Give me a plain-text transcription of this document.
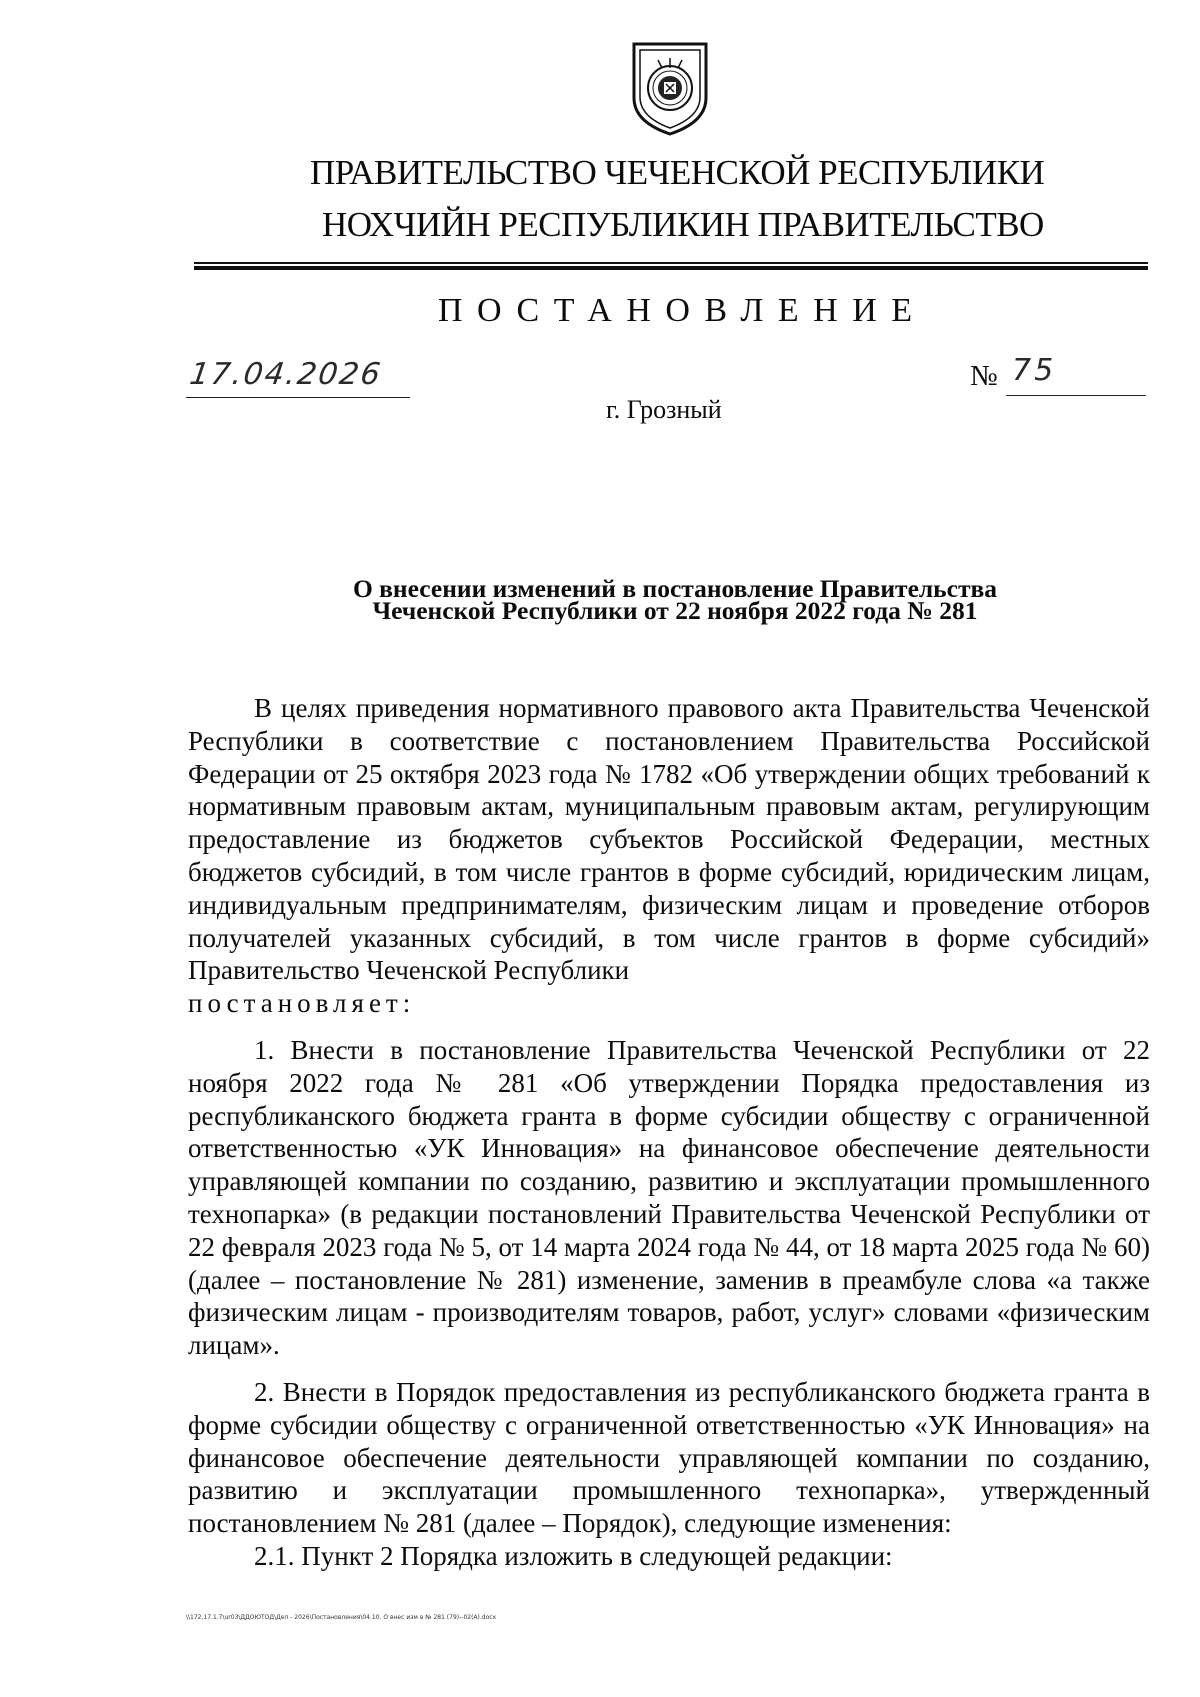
ПРАВИТЕЛЬСТВО ЧЕЧЕНСКОЙ РЕСПУБЛИКИ
НОХЧИЙН РЕСПУБЛИКИН ПРАВИТЕЛЬСТВО
ПОСТАНОВЛЕНИЕ
17.04.2026	№ 75
г. Грозный
О внесении изменений в постановление Правительства
Чеченской Республики от 22 ноября 2022 года № 281

В целях приведения нормативного правового акта Правительства Чеченской Республики в соответствие с постановлением Правительства Российской Федерации от 25 октября 2023 года № 1782 «Об утверждении общих требований к нормативным правовым актам, муниципальным правовым актам, регулирующим предоставление из бюджетов субъектов Российской Федерации, местных бюджетов субсидий, в том числе грантов в форме субсидий, юридическим лицам, индивидуальным предпринимателям, физическим лицам и проведение отборов получателей указанных субсидий, в том числе грантов в форме субсидий» Правительство Чеченской Республики
постановляет:

1. Внести в постановление Правительства Чеченской Республики от 22 ноября 2022 года № 281 «Об утверждении Порядка предоставления из республиканского бюджета гранта в форме субсидии обществу с ограниченной ответственностью «УК Инновация» на финансовое обеспечение деятельности управляющей компании по созданию, развитию и эксплуатации промышленного технопарка» (в редакции постановлений Правительства Чеченской Республики от 22 февраля 2023 года № 5, от 14 марта 2024 года № 44, от 18 марта 2025 года № 60) (далее – постановление № 281) изменение, заменив в преамбуле слова «а также физическим лицам - производителям товаров, работ, услуг» словами «физическим лицам».

2. Внести в Порядок предоставления из республиканского бюджета гранта в форме субсидии обществу с ограниченной ответственностью «УК Инновация» на финансовое обеспечение деятельности управляющей компании по созданию, развитию и эксплуатации промышленного технопарка», утвержденный постановлением № 281 (далее – Порядок), следующие изменения:

2.1. Пункт 2 Порядка изложить в следующей редакции:

\\172.17.1.7\ur03\ДДОЮТОД\Дел - 2026\Постановления\04.10. О внес изм в № 281 (79)--02(А).docx
